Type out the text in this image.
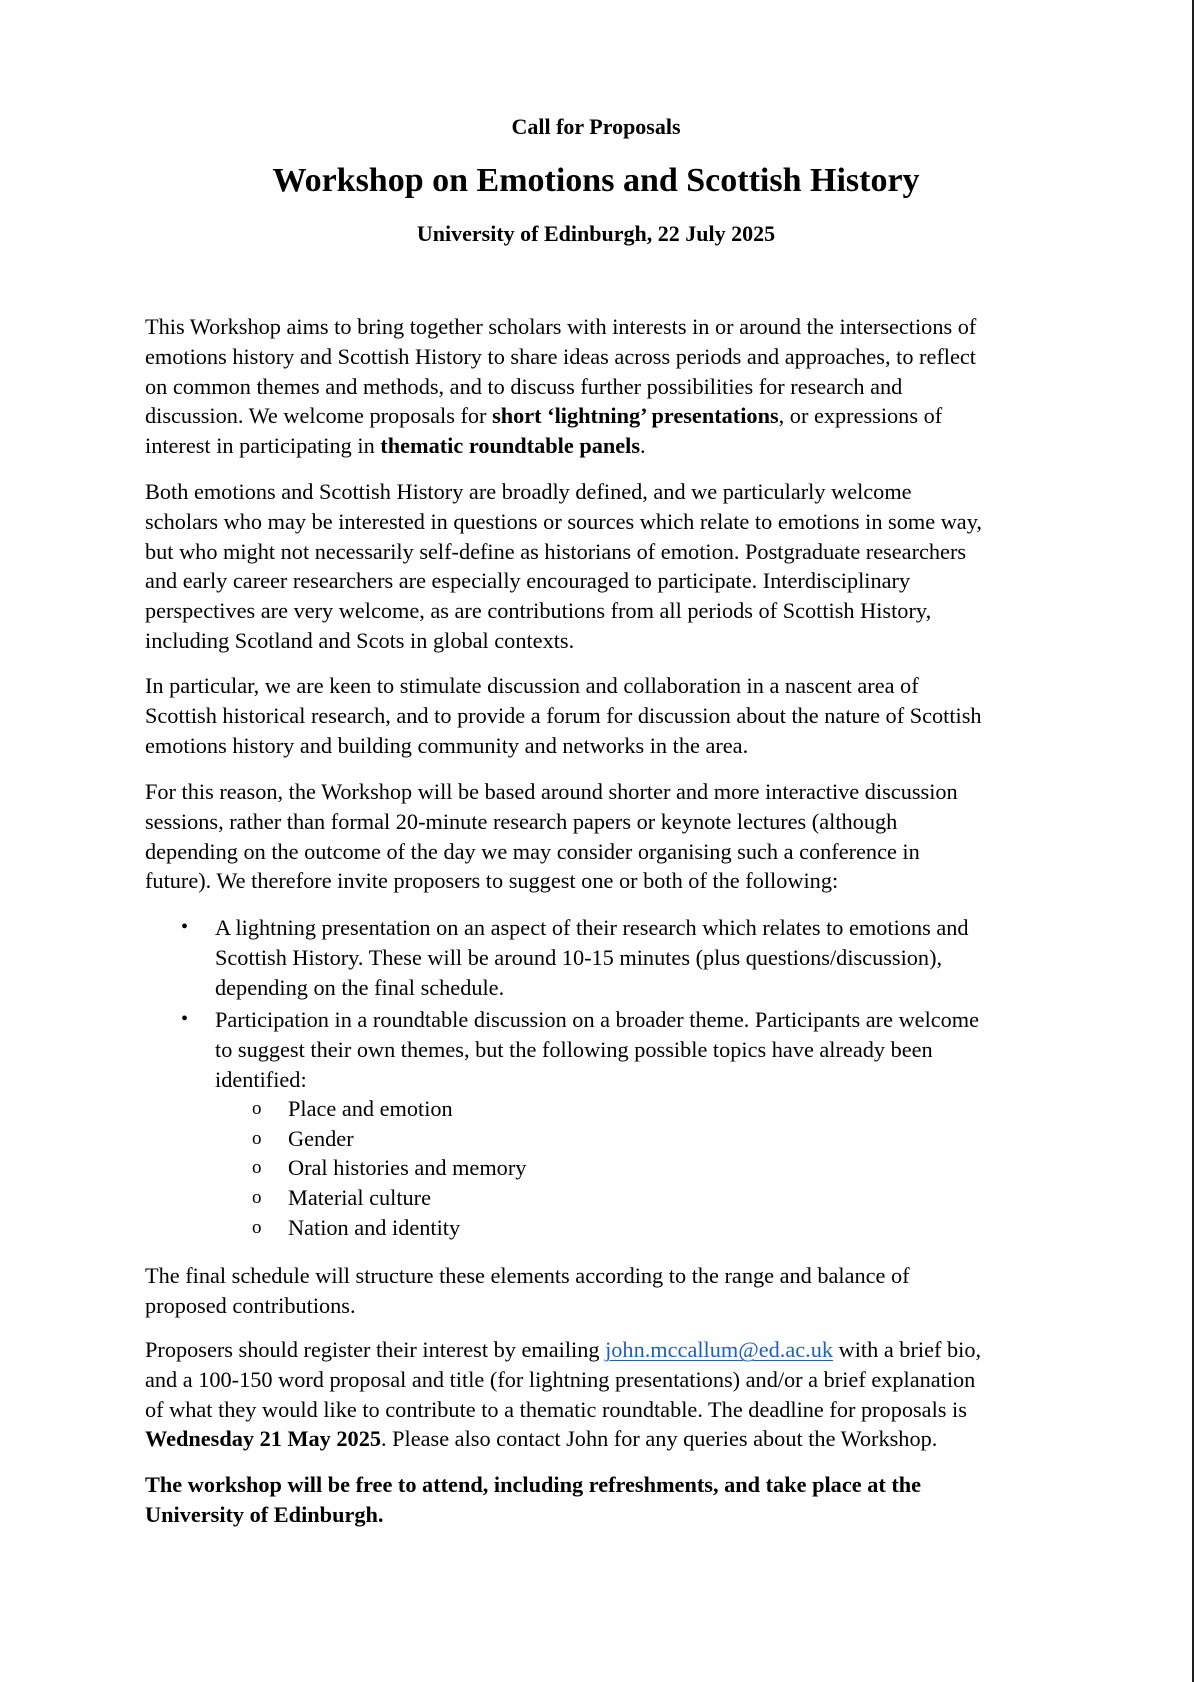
Call for Proposals
Workshop on Emotions and Scottish History
University of Edinburgh, 22 July 2025
This Workshop aims to bring together scholars with interests in or around the intersections of
emotions history and Scottish History to share ideas across periods and approaches, to reflect
on common themes and methods, and to discuss further possibilities for research and
discussion. We welcome proposals for short ‘lightning’ presentations, or expressions of
interest in participating in thematic roundtable panels.
Both emotions and Scottish History are broadly defined, and we particularly welcome
scholars who may be interested in questions or sources which relate to emotions in some way,
but who might not necessarily self-define as historians of emotion. Postgraduate researchers
and early career researchers are especially encouraged to participate. Interdisciplinary
perspectives are very welcome, as are contributions from all periods of Scottish History,
including Scotland and Scots in global contexts.
In particular, we are keen to stimulate discussion and collaboration in a nascent area of
Scottish historical research, and to provide a forum for discussion about the nature of Scottish
emotions history and building community and networks in the area.
For this reason, the Workshop will be based around shorter and more interactive discussion
sessions, rather than formal 20-minute research papers or keynote lectures (although
depending on the outcome of the day we may consider organising such a conference in
future). We therefore invite proposers to suggest one or both of the following:
• A lightning presentation on an aspect of their research which relates to emotions and
Scottish History. These will be around 10-15 minutes (plus questions/discussion),
depending on the final schedule.
• Participation in a roundtable discussion on a broader theme. Participants are welcome
to suggest their own themes, but the following possible topics have already been
identified:
o Place and emotion
o Gender
o Oral histories and memory
o Material culture
o Nation and identity
The final schedule will structure these elements according to the range and balance of
proposed contributions.
Proposers should register their interest by emailing john.mccallum@ed.ac.uk with a brief bio,
and a 100-150 word proposal and title (for lightning presentations) and/or a brief explanation
of what they would like to contribute to a thematic roundtable. The deadline for proposals is
Wednesday 21 May 2025. Please also contact John for any queries about the Workshop.
The workshop will be free to attend, including refreshments, and take place at the
University of Edinburgh.
